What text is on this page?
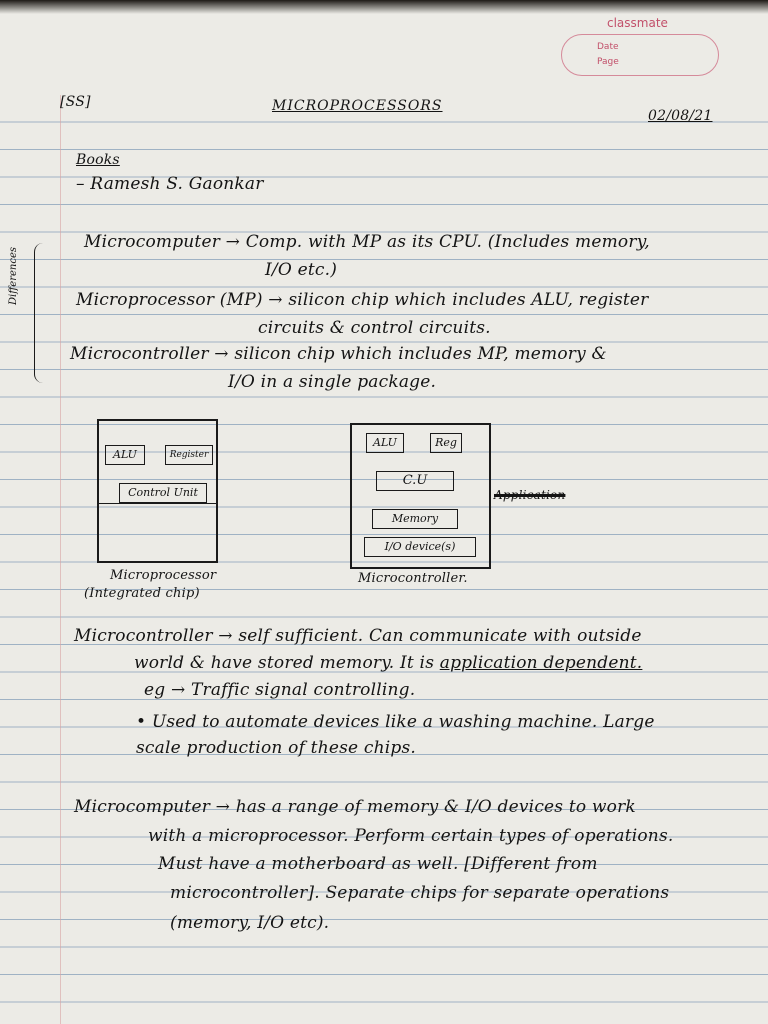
classmate
Date
Page
[SS]	MICROPROCESSORS
02/08/21
Books
– Ramesh S. Gaonkar
Differences
Microcomputer → Comp. with MP as its CPU. (Includes memory,
I/O etc.)
Microprocessor (MP) → silicon chip which includes ALU, register
circuits & control circuits.
Microcontroller → silicon chip which includes MP, memory &
I/O in a single package.
ALU	Register
Control Unit
Microprocessor
(Integrated chip)
ALU	Reg
C.U
Memory
I/O device(s)
Application
Microcontroller.
Microcontroller → self sufficient. Can communicate with outside
world & have stored memory. It is application dependent.
eg → Traffic signal controlling.
• Used to automate devices like a washing machine. Large
scale production of these chips.
Microcomputer → has a range of memory & I/O devices to work
with a microprocessor. Perform certain types of operations.
Must have a motherboard as well. [Different from
microcontroller]. Separate chips for separate operations
(memory, I/O etc).
